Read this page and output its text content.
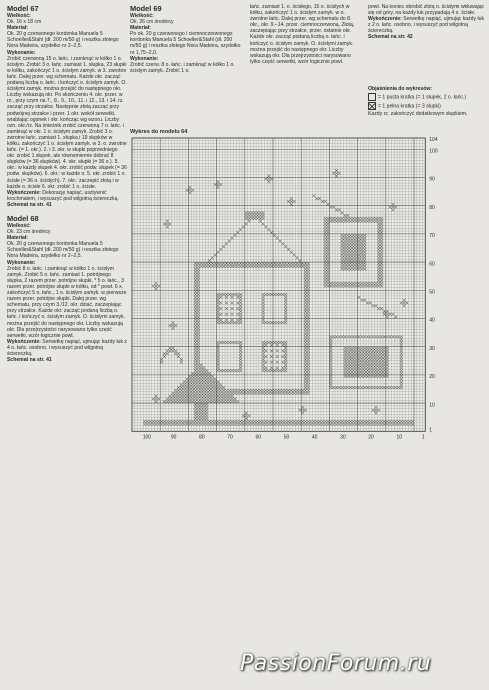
Model 67

Wielkość:

Ok. 16 x 18 cm

Materiał:

Ok. 20 g czerwonego kordonka Manuela 5 Schoeller&Stahl (dł. 200 m/50 g) i resztka złotego Nora Madeira, szydełko nr 2–2,5.

Wykonanie:

Zrobić czerwoną 15 o. łańc. i zamknąć w kółko 1 o. ścisłym. Zrobić 3 o. łańc. zamiast 1. słupka, 23 słupki w kółku, zakończyć 1 o. ścisłym zamyk. w 3. zwrotne łańc. Dalej przer. wg schematu. Każde okr. zacząć podaną liczbą o. łańc. i kończyć o. ścisłym zamyk. O. ścisłymi zamyk. można przejść do następnego okr. Liczby wskazują okr. Po skończeniu 4. okr. przer. w rz., przy czym na 7., 8., 9., 10., 11. i 12., 13. i 14. rz. zacząć przy strzałce. Następnie złotą zacząć przy podwójnej strzałce i przer. 1 okr. wokół serwetki, wrabiając ogonek i okr. kończąc wg wzoru. Liczby ozn. okr./rz. Na śnieżnik zrobić czerwoną 7 o. łańc. i zamknąć w okr. 1 o. ścisłym zamyk. Zrobić 3 o. zwrotne łańc. zamiast 1. słupka i 19 słupków w kółku, zakończyć 1 o. ścisłym zamyk. w 3. o. zwrotne łańc. (= 1. okr.). 2. i 3. okr. w słupki poprzedniego okr. zrobić 1 słupek, ale równomiernie dobrać 8 słupków (= 36 słupków). 4. okr. słupki (= 36 o.). 5. okr.: w każdy słupek 4. okr. zrobić podw. słupek (= 36 podw. słupków). 6. okr.: w każde o. 5. okr. zrobić 1 o. ścisłe (= 36 o. ścisłych). 7. okr.: zaczepić złotą i w każde o. ścisłe 6. okr. zrobić 1 o. ścisłe.

Wykończenie: Dekorację napiąć, usztywnić krochmalem, i wysuszyć pod wilgotną ściereczką.

Schemat na str. 41

Model 68

Wielkość:

Ok. 23 cm średnicy

Materiał:

Ok. 20 g czerwonego kordonka Manuela 5 Schoeller&Stahl (dł. 200 m/50 g) i resztka złotego Nora Madeira, szydełko nr 2–2,5.

Wykonanie:

Zrobić 8 o. łańc. i zamknąć w kółko 1 o. ścisłym zamyk. Zrobić 5 o. łańc. zamiast 1. potrójnego słupka, 2 razem przer. potrójne słupki, * 5 o. łańc., 3 razem przer. potrójne słupki w kółku, od * powt. 6 x, zakończyć 5 o. łańc., 1 o. ścisłym zamyk. w pierwsze razem przer. potrójne słupki. Dalej przer. wg schematu, przy czym 3./12. okr. dziać, zaczepiając przy strzałce. Każde okr. zacząć podaną liczbą o. łańc. i kończyć o. ścisłym zamyk. O. ścisłymi zamyk. można przejść do następnego okr. Liczby wskazują okr. Dla przejrzystości narysowano tylko część serwetki, wzór łogicznie powt.

Wykończenie: Serwetkę napiąć, ujmując każdy łuk z 4 o. łańc. osobno, i wysuszyć pod wilgotną ściereczką.

Schemat na str. 41

Model 69

Wielkość:

Ok. 26 cm średnicy

Materiał:

Po ok. 20 g czerwonego i ciemnoczerwonego kordonka Manuela 5 Schoeller&Stahl (dł. 200 m/50 g) i resztka złotego Nora Madeira, szydełko nr 1,75–2,0.

Wykonanie:

Zrobić czerw. 8 o. łańc. i zamknąć w kółko 1 o. ścisłym zamyk. Zrobić 1 o.

łańc. zamiast 1. o. ścisłego, 15 o. ścisłych w kółku, zakończyć 1 o. ścisłym zamyk. w o. zwrotne łańc. Dalej przer. wg schematu do 8. okr., okr. 9.–14. przer. ciemnoczerwoną. Złotą, zaczepiając przy strzałce, przer. ostatnie okr. Każde okr. zacząć podaną liczbą o. łańc. i kończyć o. ścisłym zamyk. O. ścisłymi zamyk. można przejść do następnego okr. Liczby wskazują okr. Dla przejrzystości narysowano tylko część serwetki, wzór logicznie powt.

powt. Na koniec obrobić złotą o. ścisłymi wkłuwając się od góry, na każdy łuk przypadają 4 o. ścisłe.

Wykończenie: Serwetkę napiąć, ujmując każdy łuk z 2 o. łańc. osobno, i wysuszyć pod wilgotną ściereczką.

Schemat na str. 42

Objaśnienia do wykresów:

= 1 pusta kratka (= 1 słupek, 2 o. łańc.)

= 1 pełna kratka (= 3 słupki)

Kazdy rz. zakończyć dodatkowym słupkiem.

Wykres do modelu 64
104
100
90
80
70
60
50
40
30
20
10
1
1
10
20
30
40
50
60
70
80
90
100
PassionForum.ru
